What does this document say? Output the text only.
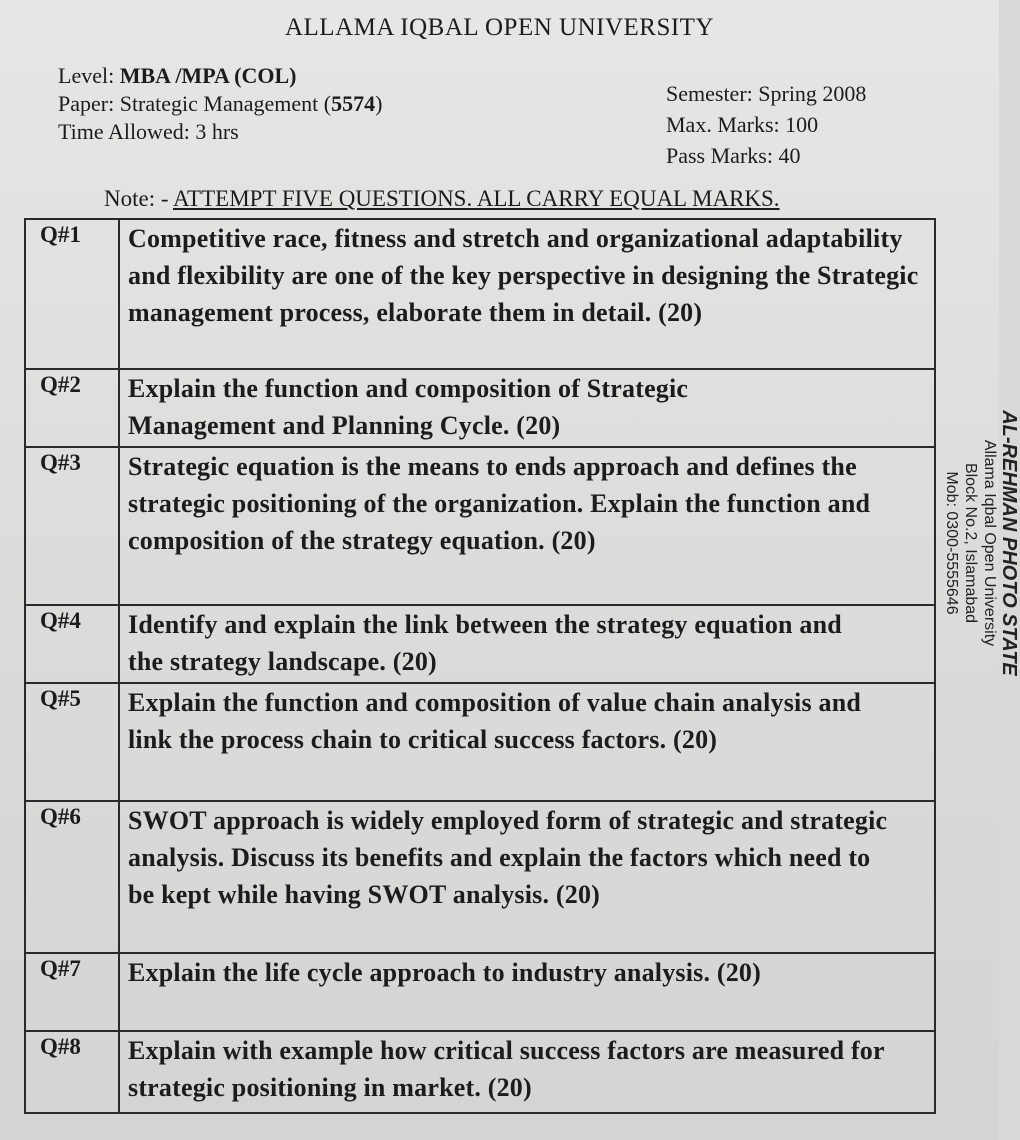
ALLAMA IQBAL OPEN UNIVERSITY
Level: MBA /MPA (COL)
Paper: Strategic Management (5574)
Time Allowed: 3 hrs
Semester: Spring 2008
Max. Marks: 100
Pass Marks: 40
Note: - ATTEMPT FIVE QUESTIONS. ALL CARRY EQUAL MARKS.
Q#1	Competitive race, fitness and stretch and organizational adaptability and flexibility are one of the key perspective in designing the Strategic management process, elaborate them in detail. (20)
Q#2	Explain the function and composition of Strategic Management and Planning Cycle. (20)
Q#3	Strategic equation is the means to ends approach and defines the strategic positioning of the organization. Explain the function and composition of the strategy equation. (20)
Q#4	Identify and explain the link between the strategy equation and the strategy landscape. (20)
Q#5	Explain the function and composition of value chain analysis and link the process chain to critical success factors. (20)
Q#6	SWOT approach is widely employed form of strategic and strategic analysis. Discuss its benefits and explain the factors which need to be kept while having SWOT analysis. (20)
Q#7	Explain the life cycle approach to industry analysis. (20)
Q#8	Explain with example how critical success factors are measured for strategic positioning in market. (20)
AL-REHMAN PHOTO STATE
Allama Iqbal Open University
Block No.2, Islamabad
Mob: 0300-5555646
